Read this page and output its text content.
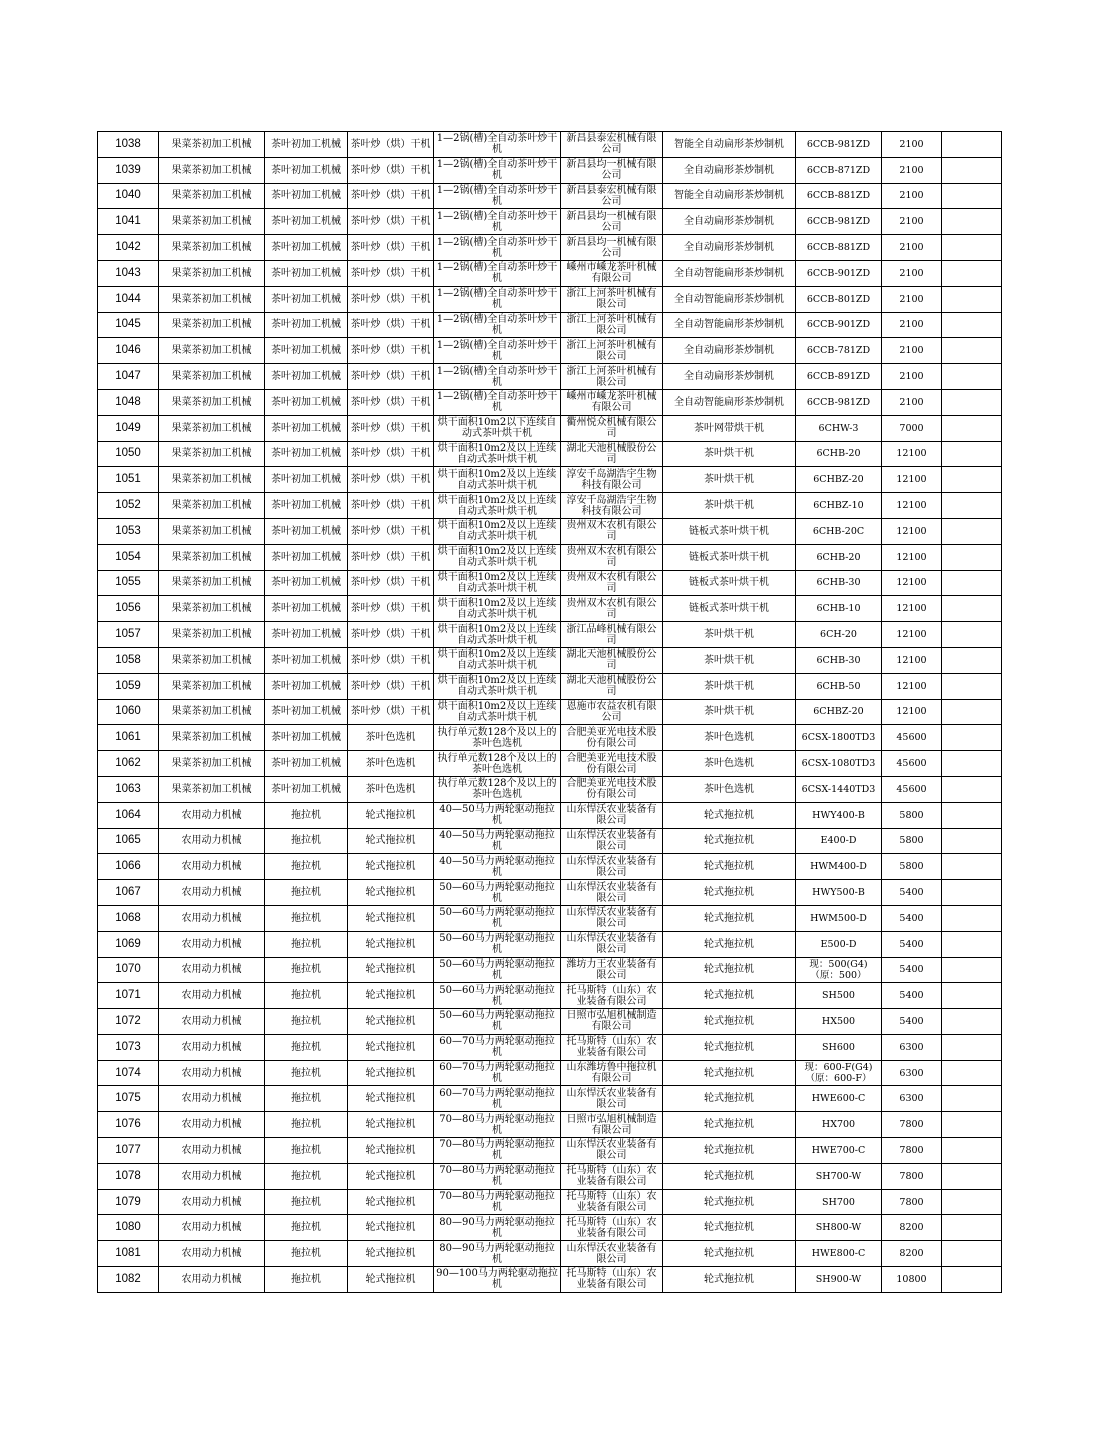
1038	果菜茶初加工机械	茶叶初加工机械	茶叶炒（烘）干机	1—2锅(槽)全自动茶叶炒干机	新昌县泰宏机械有限公司	智能全自动扁形茶炒制机	6CCB-981ZD	2100	
1039	果菜茶初加工机械	茶叶初加工机械	茶叶炒（烘）干机	1—2锅(槽)全自动茶叶炒干机	新昌县均一机械有限公司	全自动扁形茶炒制机	6CCB-871ZD	2100	
1040	果菜茶初加工机械	茶叶初加工机械	茶叶炒（烘）干机	1—2锅(槽)全自动茶叶炒干机	新昌县泰宏机械有限公司	智能全自动扁形茶炒制机	6CCB-881ZD	2100	
1041	果菜茶初加工机械	茶叶初加工机械	茶叶炒（烘）干机	1—2锅(槽)全自动茶叶炒干机	新昌县均一机械有限公司	全自动扁形茶炒制机	6CCB-981ZD	2100	
1042	果菜茶初加工机械	茶叶初加工机械	茶叶炒（烘）干机	1—2锅(槽)全自动茶叶炒干机	新昌县均一机械有限公司	全自动扁形茶炒制机	6CCB-881ZD	2100	
1043	果菜茶初加工机械	茶叶初加工机械	茶叶炒（烘）干机	1—2锅(槽)全自动茶叶炒干机	嵊州市嵊龙茶叶机械有限公司	全自动智能扁形茶炒制机	6CCB-901ZD	2100	
1044	果菜茶初加工机械	茶叶初加工机械	茶叶炒（烘）干机	1—2锅(槽)全自动茶叶炒干机	浙江上河茶叶机械有限公司	全自动智能扁形茶炒制机	6CCB-801ZD	2100	
1045	果菜茶初加工机械	茶叶初加工机械	茶叶炒（烘）干机	1—2锅(槽)全自动茶叶炒干机	浙江上河茶叶机械有限公司	全自动智能扁形茶炒制机	6CCB-901ZD	2100	
1046	果菜茶初加工机械	茶叶初加工机械	茶叶炒（烘）干机	1—2锅(槽)全自动茶叶炒干机	浙江上河茶叶机械有限公司	全自动扁形茶炒制机	6CCB-781ZD	2100	
1047	果菜茶初加工机械	茶叶初加工机械	茶叶炒（烘）干机	1—2锅(槽)全自动茶叶炒干机	浙江上河茶叶机械有限公司	全自动扁形茶炒制机	6CCB-891ZD	2100	
1048	果菜茶初加工机械	茶叶初加工机械	茶叶炒（烘）干机	1—2锅(槽)全自动茶叶炒干机	嵊州市嵊龙茶叶机械有限公司	全自动智能扁形茶炒制机	6CCB-981ZD	2100	
1049	果菜茶初加工机械	茶叶初加工机械	茶叶炒（烘）干机	烘干面积10m2以下连续自动式茶叶烘干机	衢州悦众机械有限公司	茶叶网带烘干机	6CHW-3	7000	
1050	果菜茶初加工机械	茶叶初加工机械	茶叶炒（烘）干机	烘干面积10m2及以上连续自动式茶叶烘干机	湖北天池机械股份公司	茶叶烘干机	6CHB-20	12100	
1051	果菜茶初加工机械	茶叶初加工机械	茶叶炒（烘）干机	烘干面积10m2及以上连续自动式茶叶烘干机	淳安千岛湖浩宇生物科技有限公司	茶叶烘干机	6CHBZ-20	12100	
1052	果菜茶初加工机械	茶叶初加工机械	茶叶炒（烘）干机	烘干面积10m2及以上连续自动式茶叶烘干机	淳安千岛湖浩宇生物科技有限公司	茶叶烘干机	6CHBZ-10	12100	
1053	果菜茶初加工机械	茶叶初加工机械	茶叶炒（烘）干机	烘干面积10m2及以上连续自动式茶叶烘干机	贵州双木农机有限公司	链板式茶叶烘干机	6CHB-20C	12100	
1054	果菜茶初加工机械	茶叶初加工机械	茶叶炒（烘）干机	烘干面积10m2及以上连续自动式茶叶烘干机	贵州双木农机有限公司	链板式茶叶烘干机	6CHB-20	12100	
1055	果菜茶初加工机械	茶叶初加工机械	茶叶炒（烘）干机	烘干面积10m2及以上连续自动式茶叶烘干机	贵州双木农机有限公司	链板式茶叶烘干机	6CHB-30	12100	
1056	果菜茶初加工机械	茶叶初加工机械	茶叶炒（烘）干机	烘干面积10m2及以上连续自动式茶叶烘干机	贵州双木农机有限公司	链板式茶叶烘干机	6CHB-10	12100	
1057	果菜茶初加工机械	茶叶初加工机械	茶叶炒（烘）干机	烘干面积10m2及以上连续自动式茶叶烘干机	浙江品峰机械有限公司	茶叶烘干机	6CH-20	12100	
1058	果菜茶初加工机械	茶叶初加工机械	茶叶炒（烘）干机	烘干面积10m2及以上连续自动式茶叶烘干机	湖北天池机械股份公司	茶叶烘干机	6CHB-30	12100	
1059	果菜茶初加工机械	茶叶初加工机械	茶叶炒（烘）干机	烘干面积10m2及以上连续自动式茶叶烘干机	湖北天池机械股份公司	茶叶烘干机	6CHB-50	12100	
1060	果菜茶初加工机械	茶叶初加工机械	茶叶炒（烘）干机	烘干面积10m2及以上连续自动式茶叶烘干机	恩施市农益农机有限公司	茶叶烘干机	6CHBZ-20	12100	
1061	果菜茶初加工机械	茶叶初加工机械	茶叶色选机	执行单元数128个及以上的茶叶色选机	合肥美亚光电技术股份有限公司	茶叶色选机	6CSX-1800TD3	45600	
1062	果菜茶初加工机械	茶叶初加工机械	茶叶色选机	执行单元数128个及以上的茶叶色选机	合肥美亚光电技术股份有限公司	茶叶色选机	6CSX-1080TD3	45600	
1063	果菜茶初加工机械	茶叶初加工机械	茶叶色选机	执行单元数128个及以上的茶叶色选机	合肥美亚光电技术股份有限公司	茶叶色选机	6CSX-1440TD3	45600	
1064	农用动力机械	拖拉机	轮式拖拉机	40—50马力两轮驱动拖拉机	山东悍沃农业装备有限公司	轮式拖拉机	HWY400-B	5800	
1065	农用动力机械	拖拉机	轮式拖拉机	40—50马力两轮驱动拖拉机	山东悍沃农业装备有限公司	轮式拖拉机	E400-D	5800	
1066	农用动力机械	拖拉机	轮式拖拉机	40—50马力两轮驱动拖拉机	山东悍沃农业装备有限公司	轮式拖拉机	HWM400-D	5800	
1067	农用动力机械	拖拉机	轮式拖拉机	50—60马力两轮驱动拖拉机	山东悍沃农业装备有限公司	轮式拖拉机	HWY500-B	5400	
1068	农用动力机械	拖拉机	轮式拖拉机	50—60马力两轮驱动拖拉机	山东悍沃农业装备有限公司	轮式拖拉机	HWM500-D	5400	
1069	农用动力机械	拖拉机	轮式拖拉机	50—60马力两轮驱动拖拉机	山东悍沃农业装备有限公司	轮式拖拉机	E500-D	5400	
1070	农用动力机械	拖拉机	轮式拖拉机	50—60马力两轮驱动拖拉机	潍坊力王农业装备有限公司	轮式拖拉机	现：500(G4)（原：500）	5400	
1071	农用动力机械	拖拉机	轮式拖拉机	50—60马力两轮驱动拖拉机	托马斯特（山东）农业装备有限公司	轮式拖拉机	SH500	5400	
1072	农用动力机械	拖拉机	轮式拖拉机	50—60马力两轮驱动拖拉机	日照市弘旭机械制造有限公司	轮式拖拉机	HX500	5400	
1073	农用动力机械	拖拉机	轮式拖拉机	60—70马力两轮驱动拖拉机	托马斯特（山东）农业装备有限公司	轮式拖拉机	SH600	6300	
1074	农用动力机械	拖拉机	轮式拖拉机	60—70马力两轮驱动拖拉机	山东潍坊鲁中拖拉机有限公司	轮式拖拉机	现：600-F(G4)（原：600-F）	6300	
1075	农用动力机械	拖拉机	轮式拖拉机	60—70马力两轮驱动拖拉机	山东悍沃农业装备有限公司	轮式拖拉机	HWE600-C	6300	
1076	农用动力机械	拖拉机	轮式拖拉机	70—80马力两轮驱动拖拉机	日照市弘旭机械制造有限公司	轮式拖拉机	HX700	7800	
1077	农用动力机械	拖拉机	轮式拖拉机	70—80马力两轮驱动拖拉机	山东悍沃农业装备有限公司	轮式拖拉机	HWE700-C	7800	
1078	农用动力机械	拖拉机	轮式拖拉机	70—80马力两轮驱动拖拉机	托马斯特（山东）农业装备有限公司	轮式拖拉机	SH700-W	7800	
1079	农用动力机械	拖拉机	轮式拖拉机	70—80马力两轮驱动拖拉机	托马斯特（山东）农业装备有限公司	轮式拖拉机	SH700	7800	
1080	农用动力机械	拖拉机	轮式拖拉机	80—90马力两轮驱动拖拉机	托马斯特（山东）农业装备有限公司	轮式拖拉机	SH800-W	8200	
1081	农用动力机械	拖拉机	轮式拖拉机	80—90马力两轮驱动拖拉机	山东悍沃农业装备有限公司	轮式拖拉机	HWE800-C	8200	
1082	农用动力机械	拖拉机	轮式拖拉机	90—100马力两轮驱动拖拉机	托马斯特（山东）农业装备有限公司	轮式拖拉机	SH900-W	10800	
